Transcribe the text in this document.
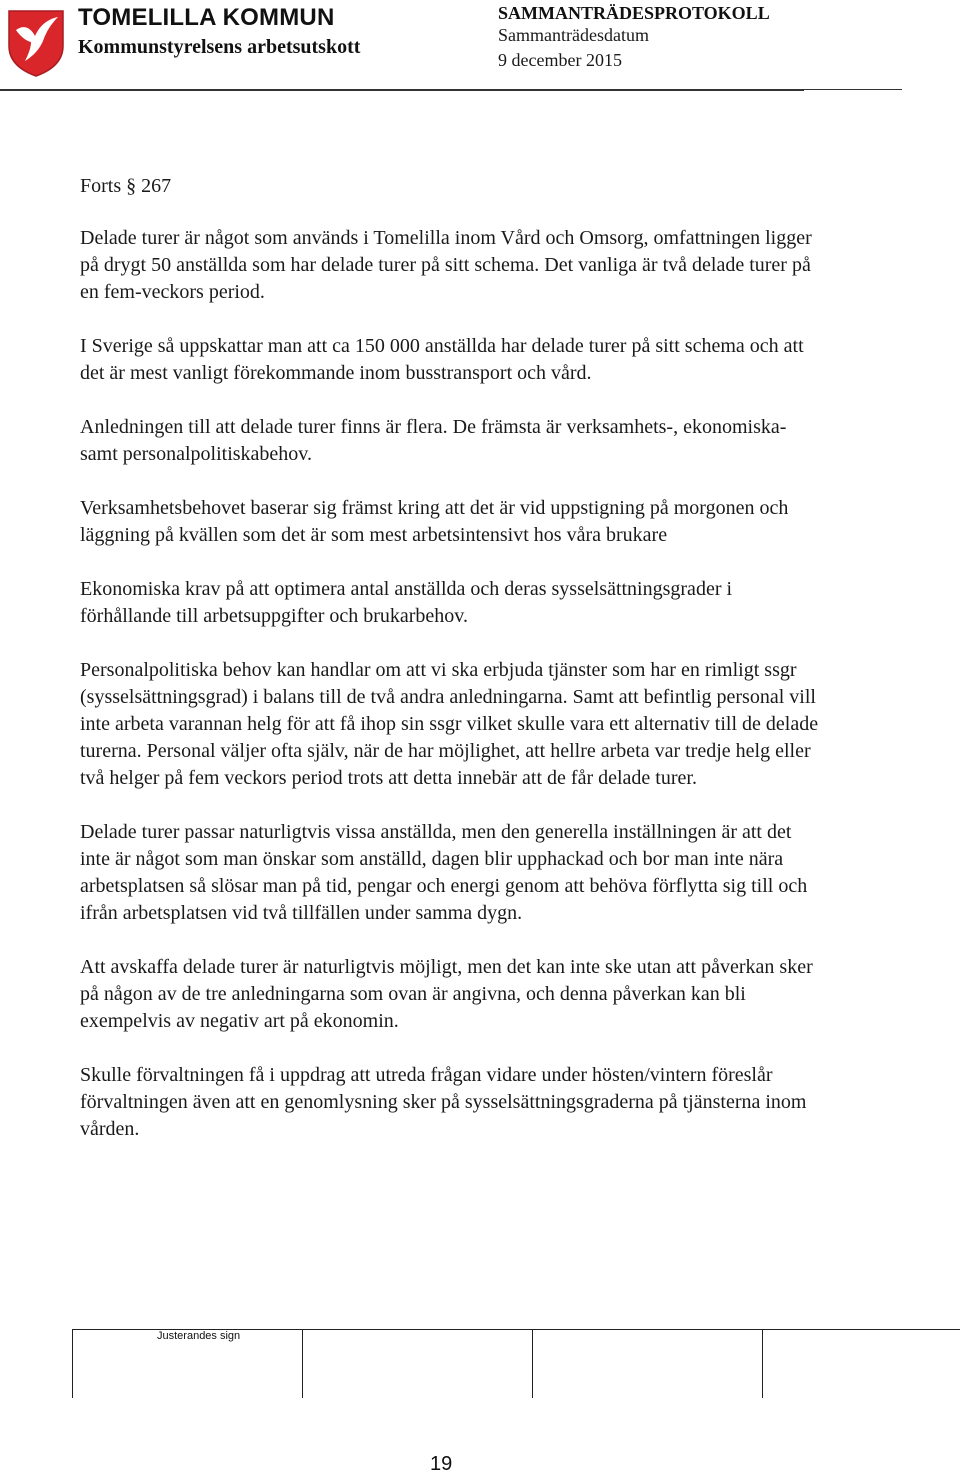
TOMELILLA KOMMUN
Kommunstyrelsens arbetsutskott
SAMMANTRÄDESPROTOKOLL
Sammanträdesdatum
9 december 2015

Forts § 267

Delade turer är något som används i Tomelilla inom Vård och Omsorg, omfattningen ligger på drygt 50 anställda som har delade turer på sitt schema. Det vanliga är två delade turer på en fem-veckors period.

I Sverige så uppskattar man att ca 150 000 anställda har delade turer på sitt schema och att det är mest vanligt förekommande inom busstransport och vård.

Anledningen till att delade turer finns är flera. De främsta är verksamhets-, ekonomiska- samt personalpolitiskabehov.

Verksamhetsbehovet baserar sig främst kring att det är vid uppstigning på morgonen och läggning på kvällen som det är som mest arbetsintensivt hos våra brukare

Ekonomiska krav på att optimera antal anställda och deras sysselsättningsgrader i förhållande till arbetsuppgifter och brukarbehov.

Personalpolitiska behov kan handlar om att vi ska erbjuda tjänster som har en rimligt ssgr (sysselsättningsgrad) i balans till de två andra anledningarna. Samt att befintlig personal vill inte arbeta varannan helg för att få ihop sin ssgr vilket skulle vara ett alternativ till de delade turerna. Personal väljer ofta själv, när de har möjlighet, att hellre arbeta var tredje helg eller två helger på fem veckors period trots att detta innebär att de får delade turer.

Delade turer passar naturligtvis vissa anställda, men den generella inställningen är att det inte är något som man önskar som anställd, dagen blir upphackad och bor man inte nära arbetsplatsen så slösar man på tid, pengar och energi genom att behöva förflytta sig till och ifrån arbetsplatsen vid två tillfällen under samma dygn.

Att avskaffa delade turer är naturligtvis möjligt, men det kan inte ske utan att påverkan sker på någon av de tre anledningarna som ovan är angivna, och denna påverkan kan bli exempelvis av negativ art på ekonomin.

Skulle förvaltningen få i uppdrag att utreda frågan vidare under hösten/vintern föreslår förvaltningen även att en genomlysning sker på sysselsättningsgraderna på tjänsterna inom vården.

Justerandes sign
19
